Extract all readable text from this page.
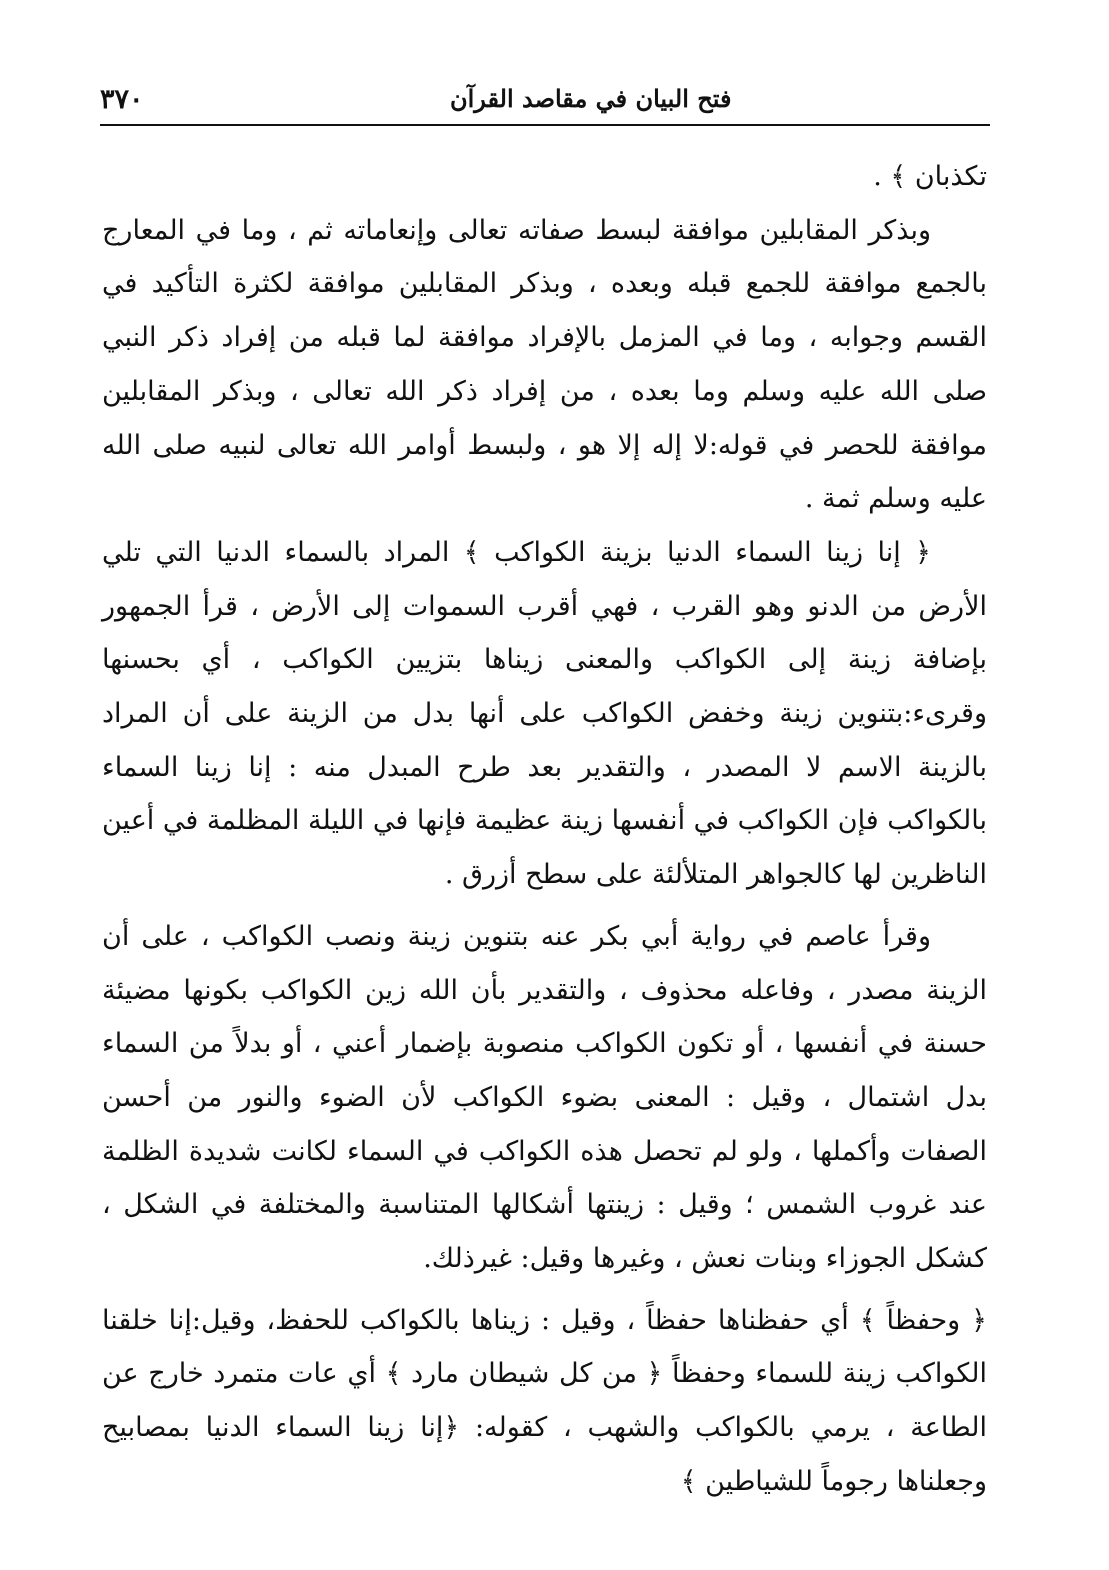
٣٧٠	فتح البيان في مقاصد القرآن

تكذبان ﴾ .

وبذكر المقابلين موافقة لبسط صفاته تعالى وإنعاماته ثم ، وما في المعارج بالجمع موافقة للجمع قبله وبعده ، وبذكر المقابلين موافقة لكثرة التأكيد في القسم وجوابه ، وما في المزمل بالإفراد موافقة لما قبله من إفراد ذكر النبي صلى الله عليه وسلم وما بعده ، من إفراد ذكر الله تعالى ، وبذكر المقابلين موافقة للحصر في قوله:لا إله إلا هو ، ولبسط أوامر الله تعالى لنبيه صلى الله عليه وسلم ثمة .

﴿ إنا زينا السماء الدنيا بزينة الكواكب ﴾ المراد بالسماء الدنيا التي تلي الأرض من الدنو وهو القرب ، فهي أقرب السموات إلى الأرض ، قرأ الجمهور بإضافة زينة إلى الكواكب والمعنى زيناها بتزيين الكواكب ، أي بحسنها وقرىء:بتنوين زينة وخفض الكواكب على أنها بدل من الزينة على أن المراد بالزينة الاسم لا المصدر ، والتقدير بعد طرح المبدل منه : إنا زينا السماء بالكواكب فإن الكواكب في أنفسها زينة عظيمة فإنها في الليلة المظلمة في أعين الناظرين لها كالجواهر المتلألئة على سطح أزرق .

وقرأ عاصم في رواية أبي بكر عنه بتنوين زينة ونصب الكواكب ، على أن الزينة مصدر ، وفاعله محذوف ، والتقدير بأن الله زين الكواكب بكونها مضيئة حسنة في أنفسها ، أو تكون الكواكب منصوبة بإضمار أعني ، أو بدلاً من السماء بدل اشتمال ، وقيل : المعنى بضوء الكواكب لأن الضوء والنور من أحسن الصفات وأكملها ، ولو لم تحصل هذه الكواكب في السماء لكانت شديدة الظلمة عند غروب الشمس ؛ وقيل : زينتها أشكالها المتناسبة والمختلفة في الشكل ، كشكل الجوزاء وبنات نعش ، وغيرها وقيل: غيرذلك.

﴿ وحفظاً ﴾ أي حفظناها حفظاً ، وقيل : زيناها بالكواكب للحفظ، وقيل:إنا خلقنا الكواكب زينة للسماء وحفظاً ﴿ من كل شيطان مارد ﴾ أي عات متمرد خارج عن الطاعة ، يرمي بالكواكب والشهب ، كقوله: ﴿إنا زينا السماء الدنيا بمصابيح وجعلناها رجوماً للشياطين ﴾
